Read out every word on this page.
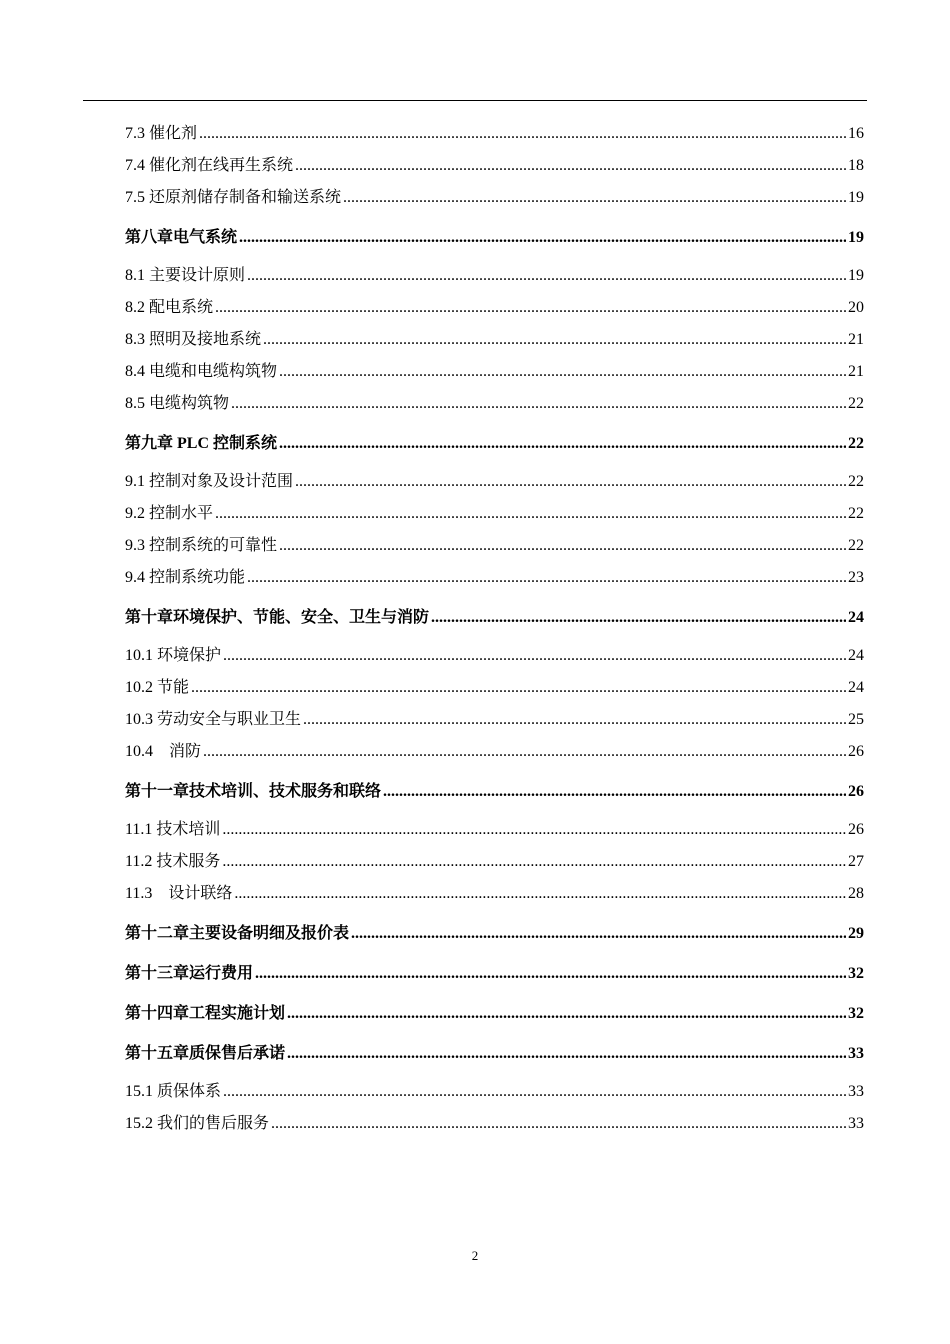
7.3 催化剂 .....	16
7.4 催化剂在线再生系统 .....	18
7.5 还原剂储存制备和输送系统 .....	19
第八章电气系统 .....	19
8.1 主要设计原则 .....	19
8.2 配电系统 .....	20
8.3 照明及接地系统 .....	21
8.4 电缆和电缆构筑物 .....	21
8.5 电缆构筑物 .....	22
第九章 PLC 控制系统 .....	22
9.1 控制对象及设计范围 .....	22
9.2 控制水平 .....	22
9.3 控制系统的可靠性 .....	22
9.4 控制系统功能 .....	23
第十章环境保护、节能、安全、卫生与消防 .....	24
10.1 环境保护 .....	24
10.2 节能 .....	24
10.3 劳动安全与职业卫生 .....	25
10.4　消防 .....	26
第十一章技术培训、技术服务和联络 .....	26
11.1 技术培训 .....	26
11.2 技术服务 .....	27
11.3　设计联络 .....	28
第十二章主要设备明细及报价表 .....	29
第十三章运行费用 .....	32
第十四章工程实施计划 .....	32
第十五章质保售后承诺 .....	33
15.1 质保体系 .....	33
15.2 我们的售后服务 .....	33
2
